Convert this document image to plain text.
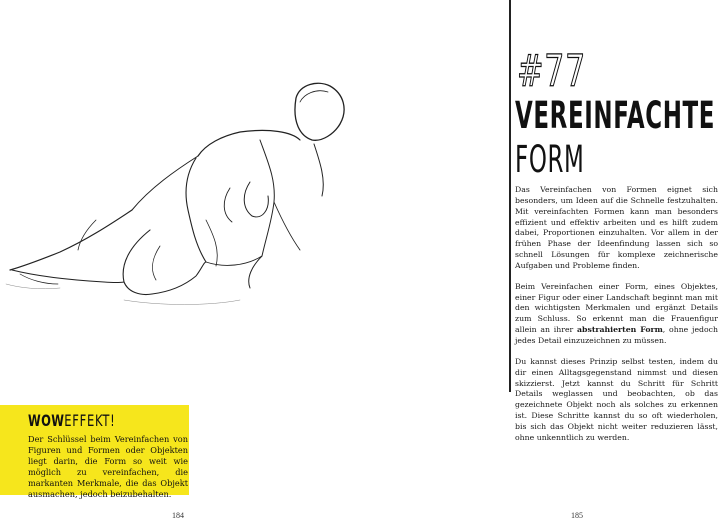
WOWEFFEKT!
Der Schlüssel beim Vereinfachen von Figuren und Formen oder Objekten liegt darin, die Form so weit wie möglich zu vereinfachen, die markanten Merkmale, die das Objekt ausmachen, jedoch beizubehalten.
184
#77
VEREINFACHTE
FORM

Das Vereinfachen von Formen eignet sich besonders, um Ideen auf die Schnelle festzuhalten. Mit vereinfachten Formen kann man besonders effizient und effektiv arbeiten und es hilft zudem dabei, Proportionen einzuhalten. Vor allem in der frühen Phase der Ideenfindung lassen sich so schnell Lösungen für komplexe zeichnerische Aufgaben und Probleme finden.

Beim Vereinfachen einer Form, eines Objektes, einer Figur oder einer Landschaft beginnt man mit den wichtigsten Merkmalen und ergänzt Details zum Schluss. So erkennt man die Frauenfigur allein an ihrer abstrahierten Form, ohne jedoch jedes Detail einzuzeichnen zu müssen.

Du kannst dieses Prinzip selbst testen, indem du dir einen Alltagsgegenstand nimmst und diesen skizzierst. Jetzt kannst du Schritt für Schritt Details weglassen und beobachten, ob das gezeichnete Objekt noch als solches zu erkennen ist. Diese Schritte kannst du so oft wiederholen, bis sich das Objekt nicht weiter reduzieren lässt, ohne unkenntlich zu werden.

185
